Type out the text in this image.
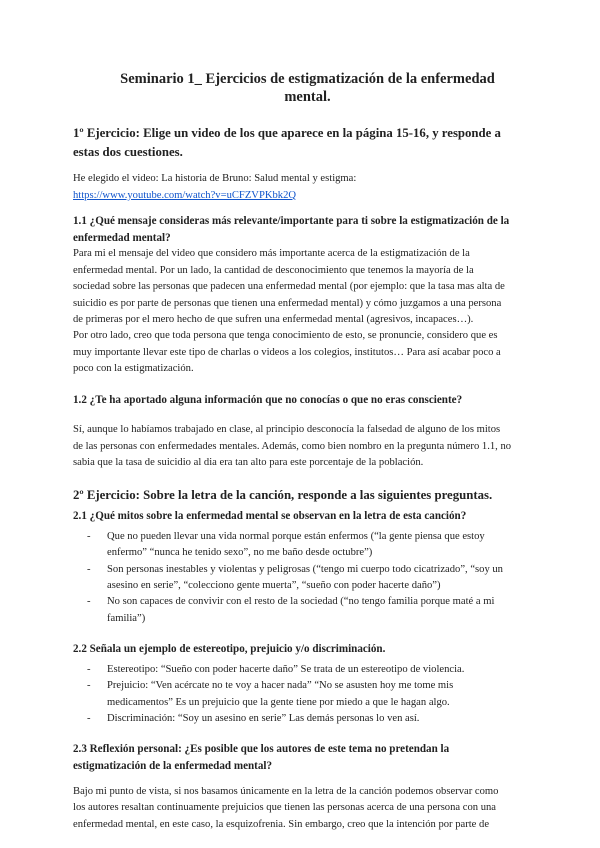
Seminario 1_ Ejercicios de estigmatización de la enfermedad mental.
1º Ejercicio: Elige un video de los que aparece en la página 15-16, y responde a estas dos cuestiones.

He elegido el video: La historia de Bruno: Salud mental y estigma:

https://www.youtube.com/watch?v=uCFZVPKbk2Q

1.1 ¿Qué mensaje consideras más relevante/importante para ti sobre la estigmatización de la enfermedad mental?

Para mi el mensaje del video que considero más importante acerca de la estigmatización de la enfermedad mental. Por un lado, la cantidad de desconocimiento que tenemos la mayoría de la sociedad sobre las personas que padecen una enfermedad mental (por ejemplo: que la tasa mas alta de suicidio es por parte de personas que tienen una enfermedad mental) y cómo juzgamos a una persona de primeras por el mero hecho de que sufren una enfermedad mental (agresivos, incapaces…).

Por otro lado, creo que toda persona que tenga conocimiento de esto, se pronuncie, considero que es muy importante llevar este tipo de charlas o videos a los colegios, institutos… Para así acabar poco a poco con la estigmatización.

1.2 ¿Te ha aportado alguna información que no conocías o que no eras consciente?

Sí, aunque lo habíamos trabajado en clase, al principio desconocía la falsedad de alguno de los mitos de las personas con enfermedades mentales. Además, como bien nombro en la pregunta número 1.1, no sabia que la tasa de suicidio al dia era tan alto para este porcentaje de la población.

2º Ejercicio: Sobre la letra de la canción, responde a las siguientes preguntas.
2.1 ¿Qué mitos sobre la enfermedad mental se observan en la letra de esta canción?
- Que no pueden llevar una vida normal porque están enfermos (“la gente piensa que estoy enfermo” “nunca he tenido sexo”, no me baño desde octubre”)
- Son personas inestables y violentas y peligrosas (“tengo mi cuerpo todo cicatrizado”, “soy un asesino en serie”, “colecciono gente muerta”, “sueño con poder hacerte daño”)
- No son capaces de convivir con el resto de la sociedad (“no tengo familia porque maté a mi familia”)
2.2 Señala un ejemplo de estereotipo, prejuicio y/o discriminación.
- Estereotipo: “Sueño con poder hacerte daño” Se trata de un estereotipo de violencia.
- Prejuicio: “Ven acércate no te voy a hacer nada” “No se asusten hoy me tome mis medicamentos” Es un prejuicio que la gente tiene por miedo a que le hagan algo.
- Discriminación: “Soy un asesino en serie” Las demás personas lo ven así.
2.3 Reflexión personal: ¿Es posible que los autores de este tema no pretendan la estigmatización de la enfermedad mental?

Bajo mi punto de vista, si nos basamos únicamente en la letra de la canción podemos observar como los autores resaltan continuamente prejuicios que tienen las personas acerca de una persona con una enfermedad mental, en este caso, la esquizofrenia. Sin embargo, creo que la intención por parte de
